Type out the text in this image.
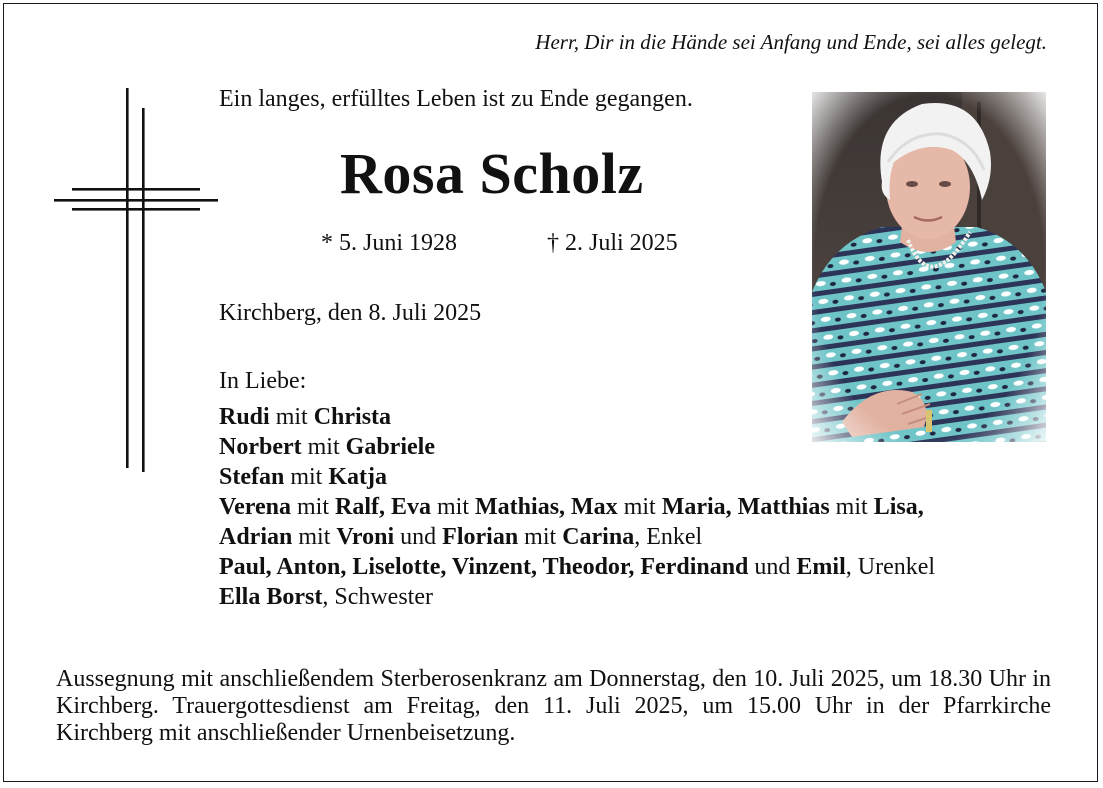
Herr, Dir in die Hände sei Anfang und Ende, sei alles gelegt.
Ein langes, erfülltes Leben ist zu Ende gegangen.
Rosa Scholz
* 5. Juni 1928	† 2. Juli 2025
Kirchberg, den 8. Juli 2025
In Liebe:
Rudi mit Christa
Norbert mit Gabriele
Stefan mit Katja
Verena mit Ralf, Eva mit Mathias, Max mit Maria, Matthias mit Lisa,
Adrian mit Vroni und Florian mit Carina, Enkel
Paul, Anton, Liselotte, Vinzent, Theodor, Ferdinand und Emil, Urenkel
Ella Borst, Schwester
Aussegnung mit anschließendem Sterberosenkranz am Donnerstag, den 10. Juli 2025, um 18.30 Uhr in Kirchberg. Trauergottesdienst am Freitag, den 11. Juli 2025, um 15.00 Uhr in der Pfarrkirche Kirchberg mit anschließender Urnenbeisetzung.
